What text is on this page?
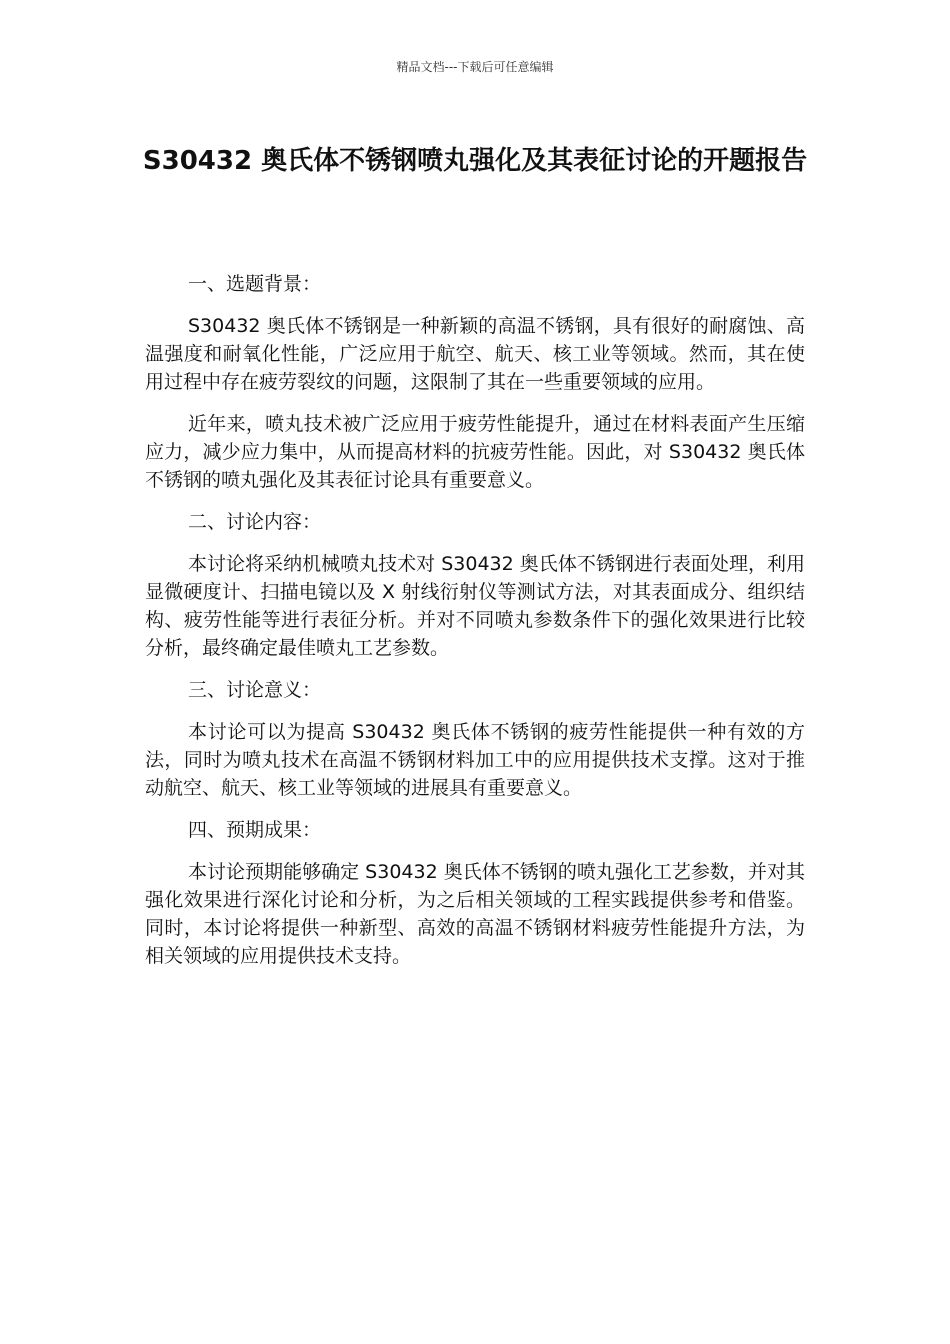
精品文档---下载后可任意编辑
S30432 奥氏体不锈钢喷丸强化及其表征讨论的开题报告

一、选题背景：

S30432 奥氏体不锈钢是一种新颖的高温不锈钢，具有很好的耐腐蚀、高温强度和耐氧化性能，广泛应用于航空、航天、核工业等领域。然而，其在使用过程中存在疲劳裂纹的问题，这限制了其在一些重要领域的应用。

近年来，喷丸技术被广泛应用于疲劳性能提升，通过在材料表面产生压缩应力，减少应力集中，从而提高材料的抗疲劳性能。因此，对 S30432 奥氏体不锈钢的喷丸强化及其表征讨论具有重要意义。

二、讨论内容：

本讨论将采纳机械喷丸技术对 S30432 奥氏体不锈钢进行表面处理，利用显微硬度计、扫描电镜以及 X 射线衍射仪等测试方法，对其表面成分、组织结构、疲劳性能等进行表征分析。并对不同喷丸参数条件下的强化效果进行比较分析，最终确定最佳喷丸工艺参数。

三、讨论意义：

本讨论可以为提高 S30432 奥氏体不锈钢的疲劳性能提供一种有效的方法，同时为喷丸技术在高温不锈钢材料加工中的应用提供技术支撑。这对于推动航空、航天、核工业等领域的进展具有重要意义。

四、预期成果：

本讨论预期能够确定 S30432 奥氏体不锈钢的喷丸强化工艺参数，并对其强化效果进行深化讨论和分析，为之后相关领域的工程实践提供参考和借鉴。同时，本讨论将提供一种新型、高效的高温不锈钢材料疲劳性能提升方法，为相关领域的应用提供技术支持。
